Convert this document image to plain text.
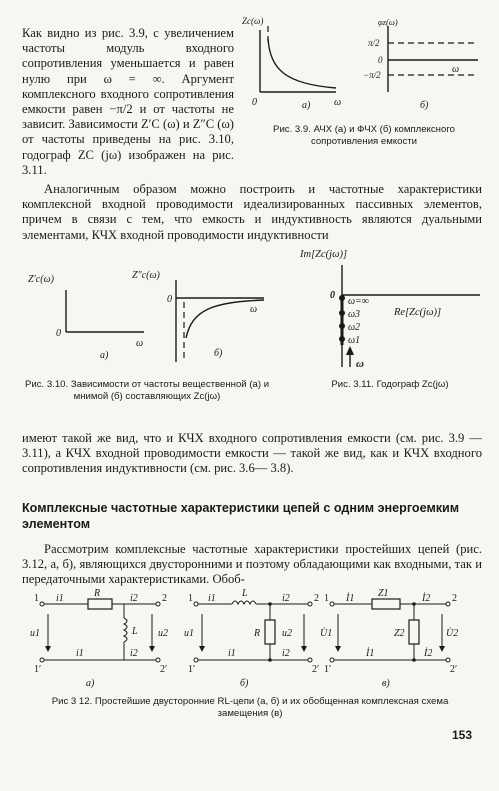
Как видно из рис. 3.9, с увеличением частоты модуль входного сопротивления уменьшается и равен нулю при ω = ∞. Аргумент комплексного входного сопротивления емкости равен −π/2 и от частоты не зависит. Зависимости Z′C (ω) и Z″C (ω) от частоты приведены на рис. 3.10, годограф ZC (jω) изображен на рис. 3.11.
Zc(ω)
0	ω
а)
φz(ω)
π/2
0
−π/2	ω
б)
Рис. 3.9. АЧХ (а) и ФЧХ (б) комплексного сопротивления емкости
Аналогичным образом можно построить и частотные характеристики комплексной входной проводимости идеализированных пассивных элементов, причем в связи с тем, что емкость и индуктивность являются дуальными элементами, КЧХ входной проводимости индуктивности
Z′c(ω)
0
ω
а)
Z″c(ω)
0
ω
б)
Рис. 3.10. Зависимости от частоты вещественной (а) и мнимой (б) составляющих Zc(jω)
Im[Zc(jω)]
Re[Zc(jω)]
0
ω=∞
ω3
ω2
ω1
ω
Рис. 3.11. Годограф Zc(jω)
имеют такой же вид, что и КЧХ входного сопротивления емкости (см. рис. 3.9 — 3.11), а КЧХ входной проводимости емкости — такой же вид, как и КЧХ входного сопротивления индуктивности (см. рис. 3.6— 3.8).
Комплексные частотные характеристики цепей с одним энергоемким элементом
Рассмотрим комплексные частотные характеристики простейших цепей (рис. 3.12, а, б), являющихся двусторонними и поэтому обладающими как входными, так и передаточными характеристиками. Обоб-
1 i1	R	i2 2
u1	L u2
i1	i2
1′	2′
а)
1 i1	L	i2 2
u1	R u2
i1	i2
1′	2′
б)
1 İ1 Z1	İ2 2
U̇1	Z2	U̇2
İ1	İ2
1′	2′
в)
Рис 3 12. Простейшие двусторонние RL-цепи (а, б) и их обобщенная комплексная схема замещения (в)
153
